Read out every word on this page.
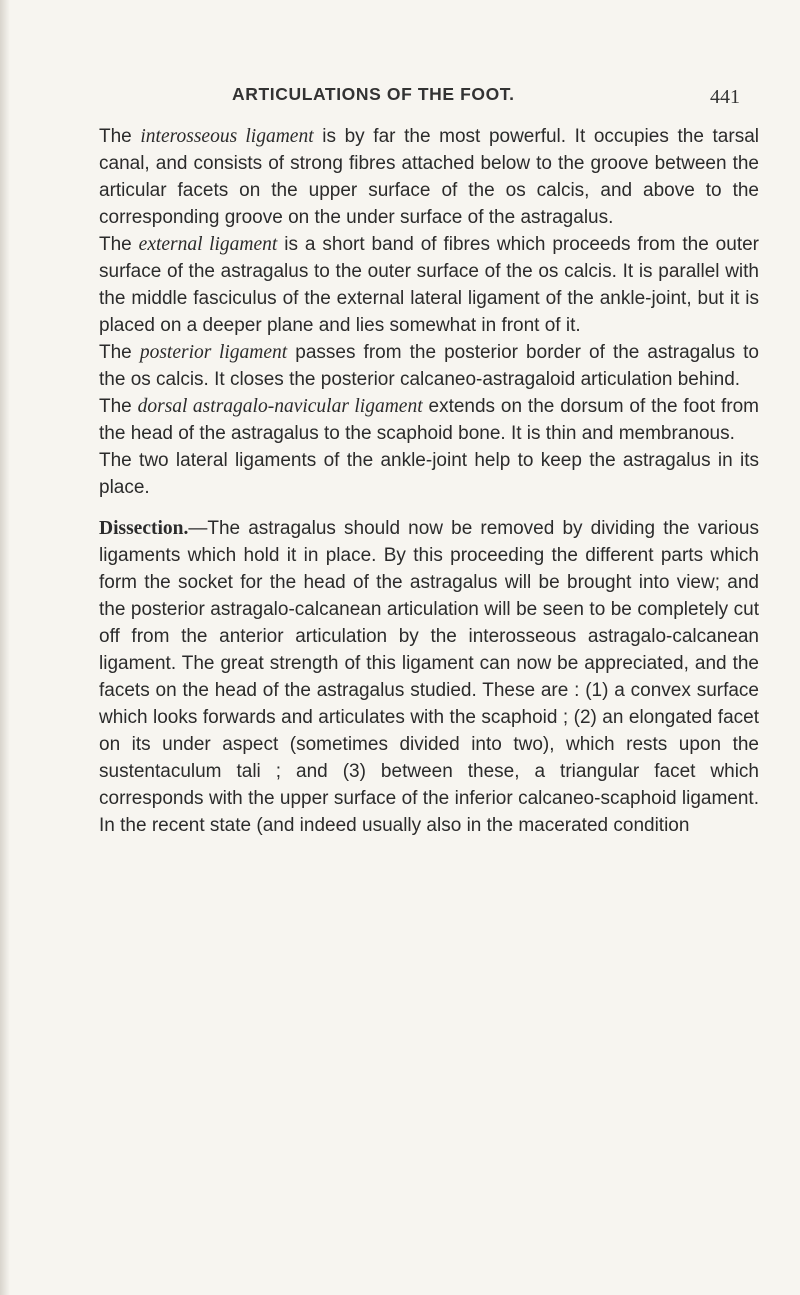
ARTICULATIONS OF THE FOOT.	441

The interosseous ligament is by far the most powerful. It occupies the tarsal canal, and consists of strong fibres attached below to the groove between the articular facets on the upper surface of the os calcis, and above to the corresponding groove on the under surface of the astragalus.

The external ligament is a short band of fibres which proceeds from the outer surface of the astragalus to the outer surface of the os calcis. It is parallel with the middle fasciculus of the external lateral ligament of the ankle-joint, but it is placed on a deeper plane and lies somewhat in front of it.

The posterior ligament passes from the posterior border of the astragalus to the os calcis. It closes the posterior calcaneo-astragaloid articulation behind.

The dorsal astragalo-navicular ligament extends on the dorsum of the foot from the head of the astragalus to the scaphoid bone. It is thin and membranous.

The two lateral ligaments of the ankle-joint help to keep the astragalus in its place.

Dissection.—The astragalus should now be removed by dividing the various ligaments which hold it in place. By this proceeding the different parts which form the socket for the head of the astragalus will be brought into view; and the posterior astragalo-calcanean articulation will be seen to be completely cut off from the anterior articulation by the interosseous astragalo-calcanean ligament. The great strength of this ligament can now be appreciated, and the facets on the head of the astragalus studied. These are : (1) a convex surface which looks forwards and articulates with the scaphoid ; (2) an elongated facet on its under aspect (sometimes divided into two), which rests upon the sustentaculum tali ; and (3) between these, a triangular facet which corresponds with the upper surface of the inferior calcaneo-scaphoid ligament. In the recent state (and indeed usually also in the macerated condition
